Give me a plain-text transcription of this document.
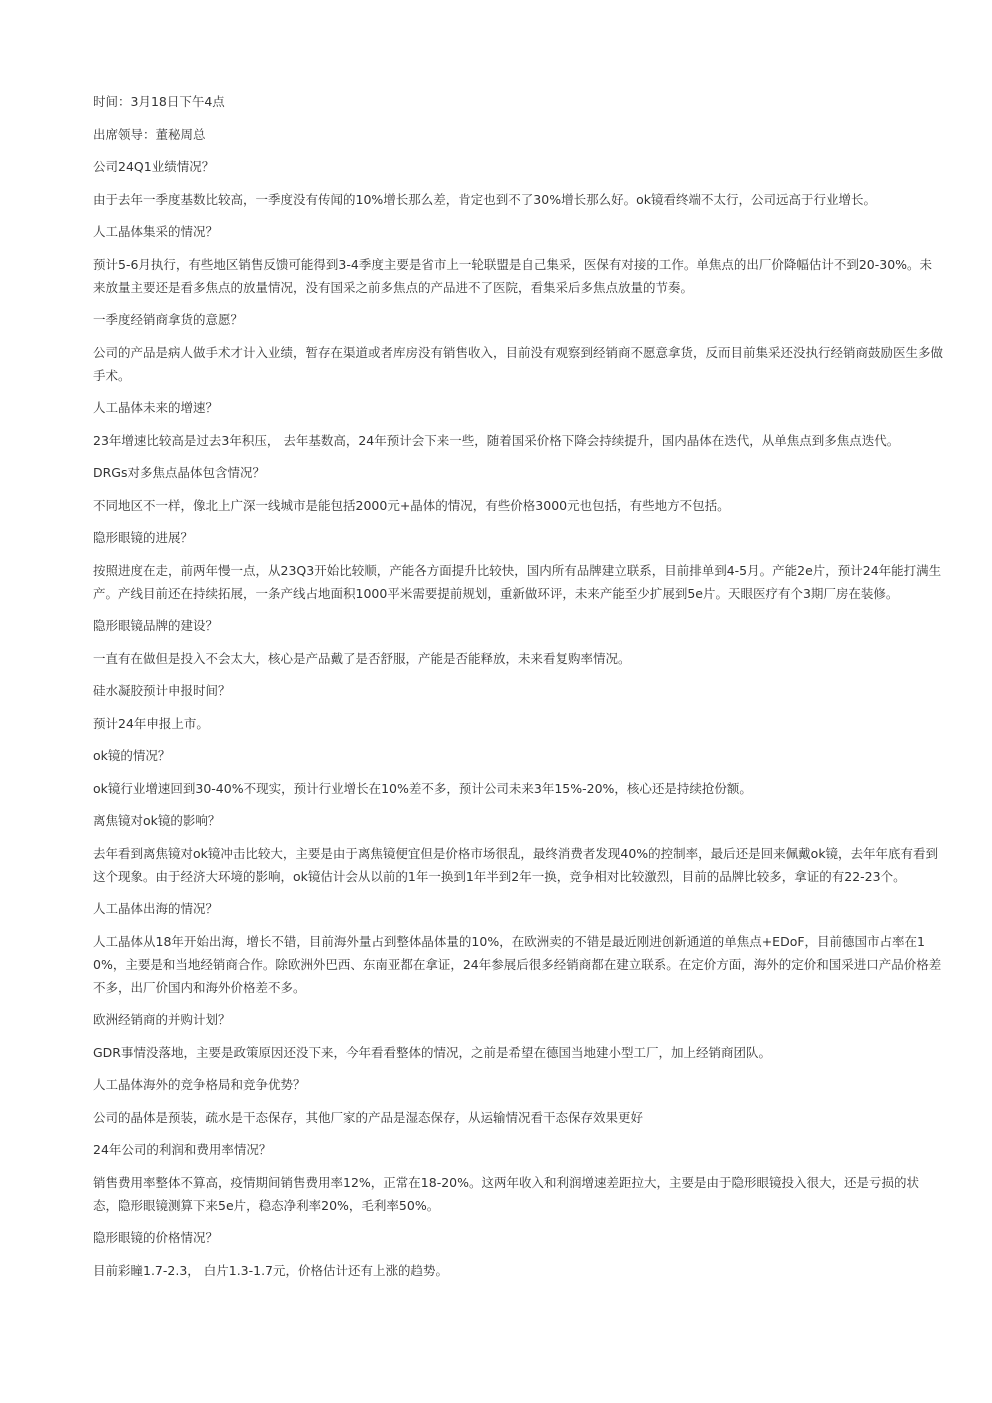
时间：3月18日下午4点

出席领导：董秘周总

公司24Q1业绩情况？

由于去年一季度基数比较高，一季度没有传闻的10%增长那么差，肯定也到不了30%增长那么好。ok镜看终端不太行，公司远高于行业增长。

人工晶体集采的情况？

预计5-6月执行，有些地区销售反馈可能得到3-4季度主要是省市上一轮联盟是自己集采，医保有对接的工作。单焦点的出厂价降幅估计不到20-30%。未来放量主要还是看多焦点的放量情况，没有国采之前多焦点的产品进不了医院，看集采后多焦点放量的节奏。

一季度经销商拿货的意愿？

公司的产品是病人做手术才计入业绩，暂存在渠道或者库房没有销售收入，目前没有观察到经销商不愿意拿货，反而目前集采还没执行经销商鼓励医生多做手术。

人工晶体未来的增速？

23年增速比较高是过去3年积压， 去年基数高，24年预计会下来一些，随着国采价格下降会持续提升，国内晶体在迭代，从单焦点到多焦点迭代。

DRGs对多焦点晶体包含情况？

不同地区不一样，像北上广深一线城市是能包括2000元+晶体的情况，有些价格3000元也包括，有些地方不包括。

隐形眼镜的进展？

按照进度在走，前两年慢一点，从23Q3开始比较顺，产能各方面提升比较快，国内所有品牌建立联系，目前排单到4-5月。产能2e片，预计24年能打满生产。产线目前还在持续拓展，一条产线占地面积1000平米需要提前规划，重新做环评，未来产能至少扩展到5e片。天眼医疗有个3期厂房在装修。

隐形眼镜品牌的建设？

一直有在做但是投入不会太大，核心是产品戴了是否舒服，产能是否能释放，未来看复购率情况。

硅水凝胶预计申报时间？

预计24年申报上市。

ok镜的情况？

ok镜行业增速回到30-40%不现实，预计行业增长在10%差不多，预计公司未来3年15%-20%，核心还是持续抢份额。

离焦镜对ok镜的影响？

去年看到离焦镜对ok镜冲击比较大，主要是由于离焦镜便宜但是价格市场很乱，最终消费者发现40%的控制率，最后还是回来佩戴ok镜，去年年底有看到这个现象。由于经济大环境的影响，ok镜估计会从以前的1年一换到1年半到2年一换，竞争相对比较激烈，目前的品牌比较多，拿证的有22-23个。

人工晶体出海的情况？

人工晶体从18年开始出海，增长不错，目前海外量占到整体晶体量的10%，在欧洲卖的不错是最近刚进创新通道的单焦点+EDoF，目前德国市占率在10%，主要是和当地经销商合作。除欧洲外巴西、东南亚都在拿证，24年参展后很多经销商都在建立联系。在定价方面，海外的定价和国采进口产品价格差不多，出厂价国内和海外价格差不多。

欧洲经销商的并购计划？

GDR事情没落地，主要是政策原因还没下来，今年看看整体的情况，之前是希望在德国当地建小型工厂，加上经销商团队。

人工晶体海外的竞争格局和竞争优势？

公司的晶体是预装，疏水是干态保存，其他厂家的产品是湿态保存，从运输情况看干态保存效果更好

24年公司的利润和费用率情况？

销售费用率整体不算高，疫情期间销售费用率12%，正常在18-20%。这两年收入和利润增速差距拉大，主要是由于隐形眼镜投入很大，还是亏损的状态，隐形眼镜测算下来5e片，稳态净利率20%，毛利率50%。

隐形眼镜的价格情况？

目前彩瞳1.7-2.3， 白片1.3-1.7元，价格估计还有上涨的趋势。
